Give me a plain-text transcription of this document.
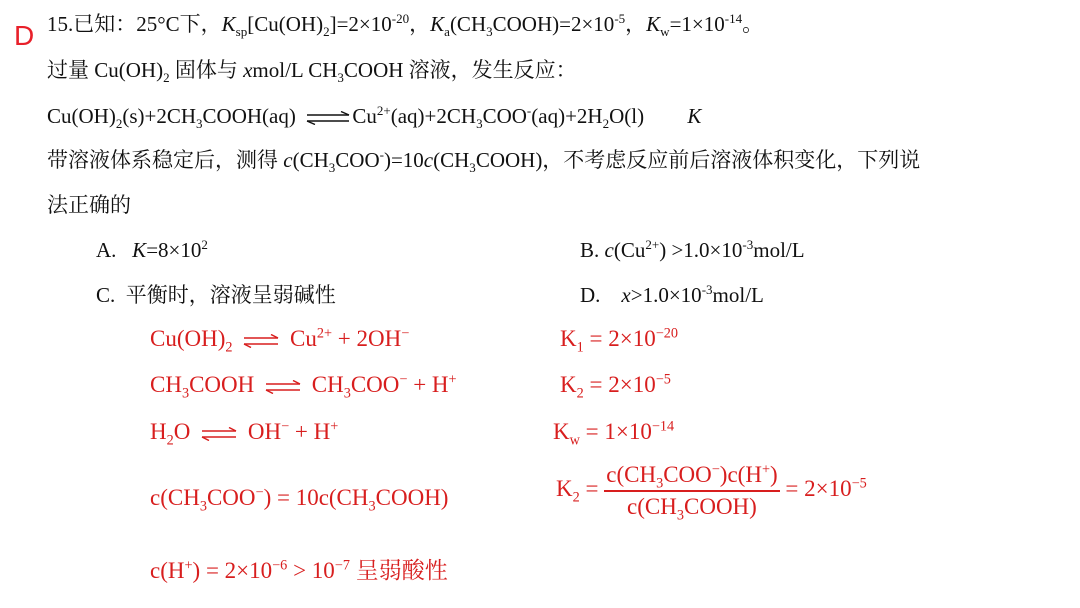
D 15.已知：25°C下，$K_{sp}[Cu(OH)_2]=2\times 10^{-20}$，$K_a(CH_3COOH)=2\times 10^{-5}$，$K_w=1\times 10^{-14}$。
过量 $Cu(OH)_2$ 固体与 xmol/L $CH_3COOH$ 溶液，发生反应：
$Cu(OH)_2(s)+2CH_3COOH(aq)$ ⇌ $Cu^{2+}(aq)+2CH_3COO^-(aq)+2H_2O(l)$ K
带溶液体系稳定后，测得 $c(CH_3COO^-)=10c(CH_3COOH)$，不考虑反应前后溶液体积变化，下列说
法正确的
A. $K=8\times 10^2$	B. $c(Cu^{2+}) >1.0\times 10^{-3}mol/L$
C. 平衡时，溶液呈弱碱性	D. $x>1.0\times 10^{-3}mol/L$
$Cu(OH)_2$ ⇌ $Cu^{2+} + 2OH^-$	$K_1 = 2\times 10^{-20}$
$CH_3COOH$ ⇌ $CH_3COO^- + H^+$	$K_2 = 2\times 10^{-5}$
$H_2O$ ⇌ OH− + H+	$K_w = 1\times 10^{-14}$
$c(CH_3COO^-)$ = $10c(CH_3COOH)$	$K_2 = \frac{c(CH_3COO^-)c(H^+)}{c(CH_3COOH)} = 2\times 10^{-5}$
$c(H^+) = 2\times 10^{-6} > 10^{-7}$ 呈弱酸性
